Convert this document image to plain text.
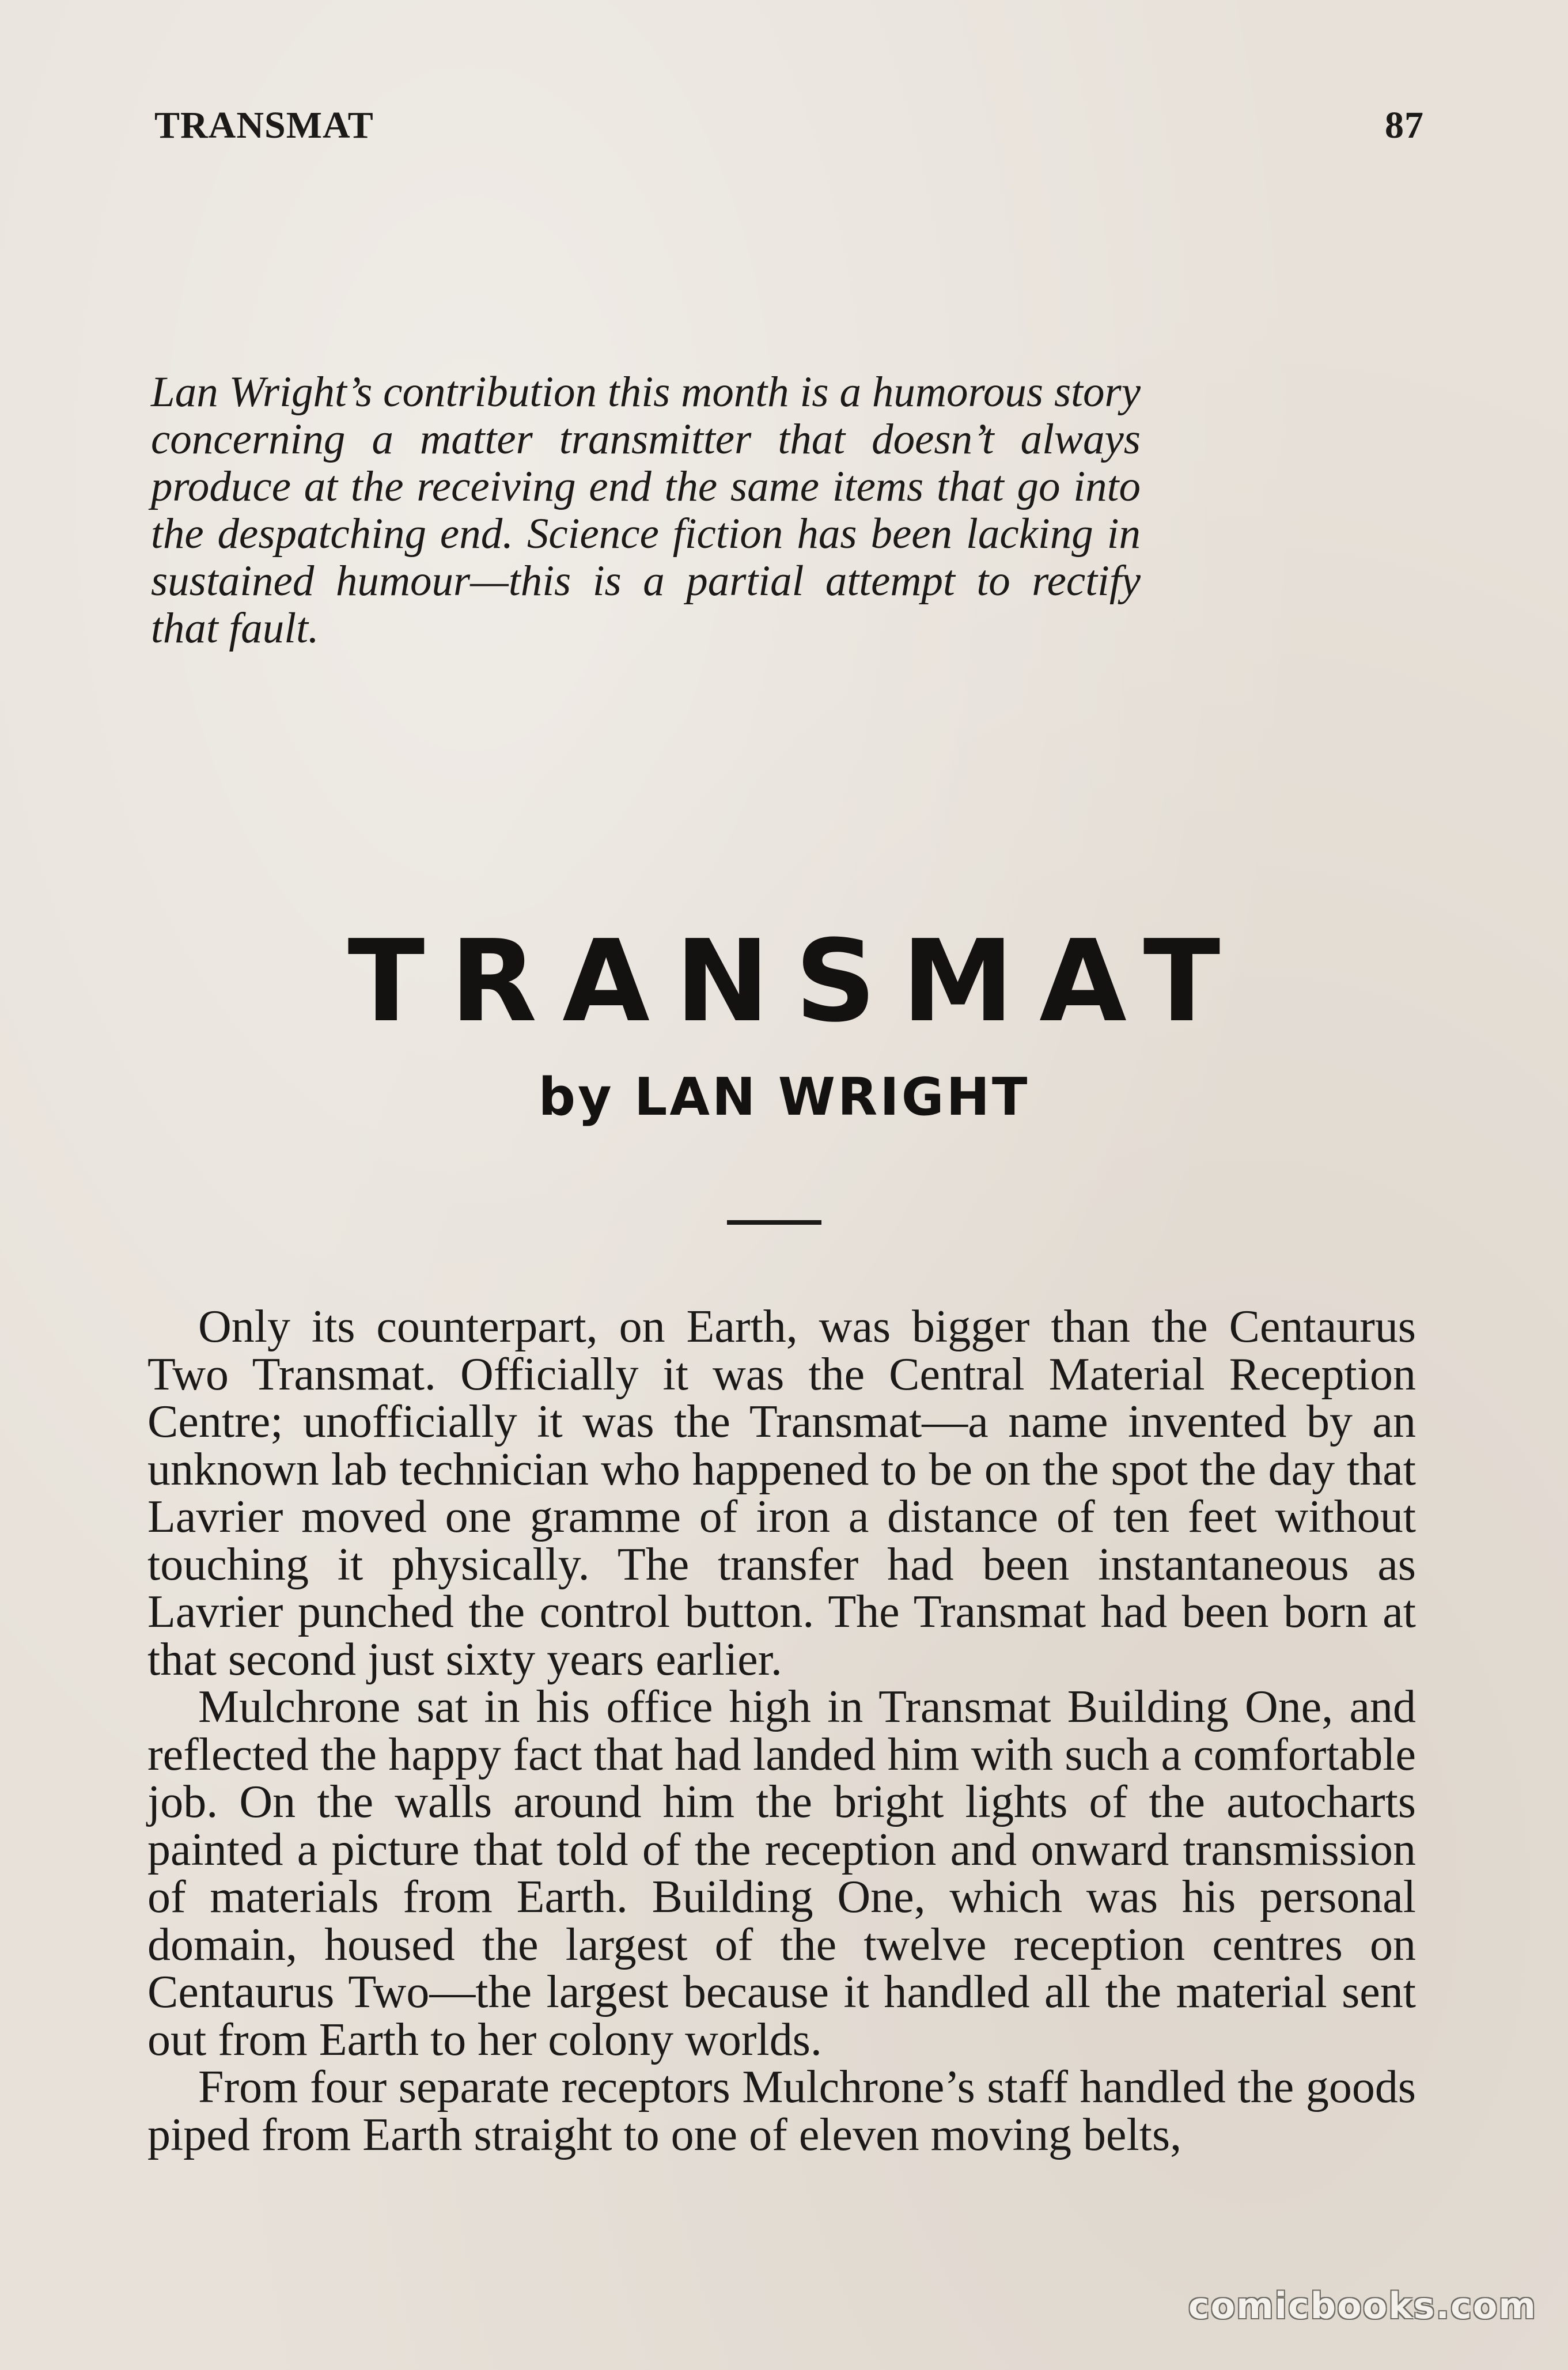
TRANSMAT	87
Lan Wright’s contribution this month is a humorous story concerning a matter transmitter that doesn’t always produce at the receiving end the same items that go into the despatching end. Science fiction has been lacking in sustained humour—this is a partial attempt to rectify that fault.
TRANSMAT
by LAN WRIGHT

Only its counterpart, on Earth, was bigger than the Centaurus Two Transmat. Officially it was the Central Material Reception Centre; unofficially it was the Transmat—a name invented by an unknown lab technician who happened to be on the spot the day that Lavrier moved one gramme of iron a distance of ten feet without touching it physically. The transfer had been instantaneous as Lavrier punched the control button. The Transmat had been born at that second just sixty years earlier.

Mulchrone sat in his office high in Transmat Building One, and reflected the happy fact that had landed him with such a comfortable job. On the walls around him the bright lights of the autocharts painted a picture that told of the reception and onward transmission of materials from Earth. Building One, which was his personal domain, housed the largest of the twelve reception centres on Centaurus Two—the largest because it handled all the material sent out from Earth to her colony worlds.

From four separate receptors Mulchrone’s staff handled the goods piped from Earth straight to one of eleven moving belts,

comicbooks.com
